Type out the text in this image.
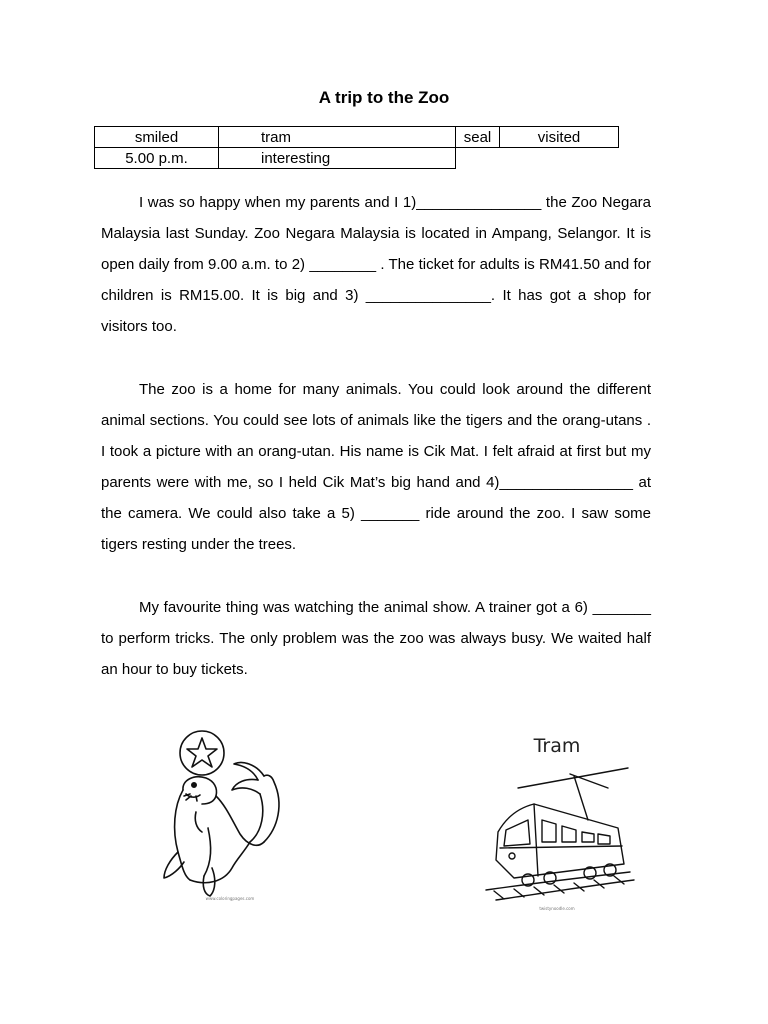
A trip to the Zoo
smiled	tram	seal	visited
5.00 p.m.	interesting		

I was so happy when my parents and I 1)_______________ the Zoo Negara Malaysia last Sunday. Zoo Negara Malaysia is located in Ampang, Selangor. It is open daily from 9.00 a.m. to 2) ________ . The ticket for adults is RM41.50 and for children is RM15.00. It is big and 3) _______________. It has got a shop for visitors too.

The zoo is a home for many animals. You could look around the different animal sections. You could see lots of animals like the tigers and the orang-utans . I took a picture with an orang-utan. His name is Cik Mat. I felt afraid at first but my parents were with me, so I held Cik Mat’s big hand and 4)________________ at the camera. We could also take a 5) _______ ride around the zoo. I saw some tigers resting under the trees.

My favourite thing was watching the animal show. A trainer got a 6) _______ to perform tricks. The only problem was the zoo was always busy. We waited half an hour to buy tickets.

www.coloringpages.com
Tram
twistynoodle.com
